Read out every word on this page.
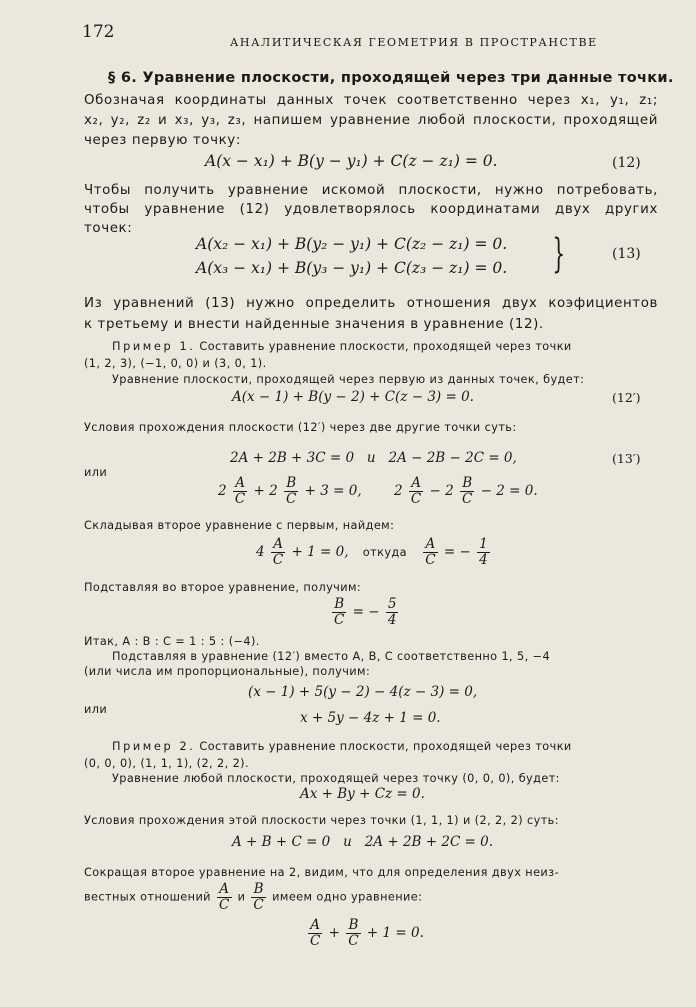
172
АНАЛИТИЧЕСКАЯ ГЕОМЕТРИЯ В ПРОСТРАНСТВЕ
§ 6. Уравнение плоскости, проходящей через три данные точки.
Обозначая координаты данных точек соответственно через x₁, y₁, z₁;
x₂, y₂, z₂ и x₃, y₃, z₃, напишем уравнение любой плоскости, проходящей
через первую точку:
A(x − x₁) + B(y − y₁) + C(z − z₁) = 0.	(12)
Чтобы получить уравнение искомой плоскости, нужно потребовать,
чтобы уравнение (12) удовлетворялось координатами двух других
точек:
A(x₂ − x₁) + B(y₂ − y₁) + C(z₂ − z₁) = 0.
A(x₃ − x₁) + B(y₃ − y₁) + C(z₃ − z₁) = 0. }	(13)
Из уравнений (13) нужно определить отношения двух коэфициентов
к третьему и внести найденные значения в уравнение (12).
Пример 1. Составить уравнение плоскости, проходящей через точки
(1, 2, 3), (−1, 0, 0) и (3, 0, 1).
Уравнение плоскости, проходящей через первую из данных точек, будет:
A(x − 1) + B(y − 2) + C(z − 3) = 0.	(12′)
Условия прохождения плоскости (12′) через две другие точки суть:
2A + 2B + 3C = 0   и   2A − 2B − 2C = 0,	(13′)
или
$2 \frac{A}{C} + 2 \frac{B}{C} + 3 = 0$, $2 \frac{A}{C} - 2 \frac{B}{C} - 2 = 0$.
Складывая второе уравнение с первым, найдем:
$4 \frac{A}{C} + 1 = 0$, откуда $\frac{A}{C}$ = − $\frac{1}{4}$
Подставляя во второе уравнение, получим:
$\frac{B}{C}$ = − $\frac{5}{4}$
Итак, A : B : C = 1 : 5 : (−4).
Подставляя в уравнение (12′) вместо A, B, C соответственно 1, 5, −4
(или числа им пропорциональные), получим:
(x − 1) + 5(y − 2) − 4(z − 3) = 0,
или
x + 5y − 4z + 1 = 0.
Пример 2. Составить уравнение плоскости, проходящей через точки
(0, 0, 0), (1, 1, 1), (2, 2, 2).
Уравнение любой плоскости, проходящей через точку (0, 0, 0), будет:
Ax + By + Cz = 0.
Условия прохождения этой плоскости через точки (1, 1, 1) и (2, 2, 2) суть:
A + B + C = 0   и   2A + 2B + 2C = 0.
Сокращая второе уравнение на 2, видим, что для определения двух неиз-
вестных отношений $\frac{A}{C}$ и $\frac{B}{C}$ имеем одно уравнение:
$\frac{A}{C} + \frac{B}{C} + 1 = 0$.
